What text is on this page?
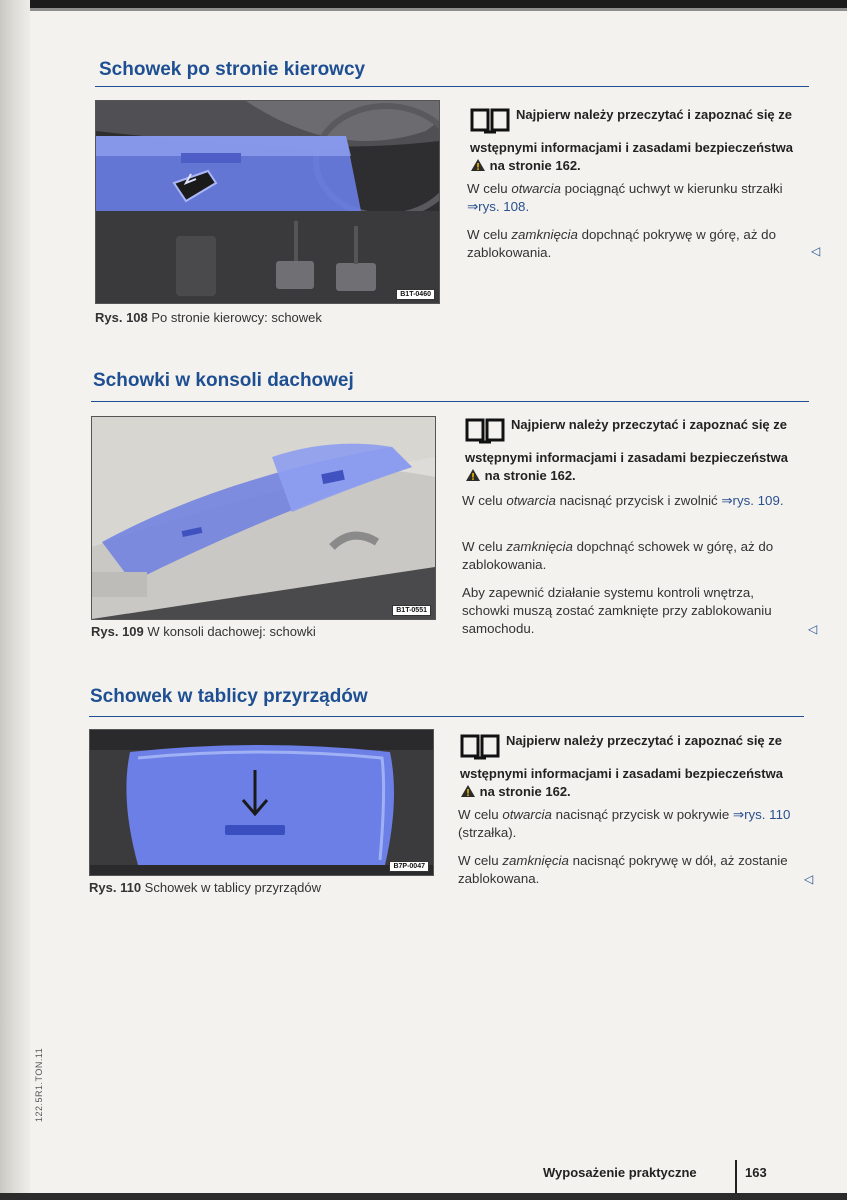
122.5R1.TON.11
Schowek po stronie kierowcy
B1T-0460
Rys. 108 Po stronie kierowcy: schowek
Najpierw należy przeczytać i zapoznać się ze wstępnymi informacjami i zasadami bezpieczeństwa  na stronie 162.
W celu otwarcia pociągnąć uchwyt w kierunku strzałki ⇒rys. 108.
W celu zamknięcia dopchnąć pokrywę w górę, aż do zablokowania.	◁
Schowki w konsoli dachowej
B1T-0551
Rys. 109 W konsoli dachowej: schowki
Najpierw należy przeczytać i zapoznać się ze wstępnymi informacjami i zasadami bezpieczeństwa  na stronie 162.
W celu otwarcia nacisnąć przycisk i zwolnić ⇒rys. 109.
W celu zamknięcia dopchnąć schowek w górę, aż do zablokowania.
Aby zapewnić działanie systemu kontroli wnętrza, schowki muszą zostać zamknięte przy zablokowaniu samochodu.	◁
Schowek w tablicy przyrządów
B7P-0047
Rys. 110 Schowek w tablicy przyrządów
Najpierw należy przeczytać i zapoznać się ze wstępnymi informacjami i zasadami bezpieczeństwa  na stronie 162.
W celu otwarcia nacisnąć przycisk w pokrywie ⇒rys. 110 (strzałka).
W celu zamknięcia nacisnąć pokrywę w dół, aż zostanie zablokowana.	◁
Wyposażenie praktyczne	163
